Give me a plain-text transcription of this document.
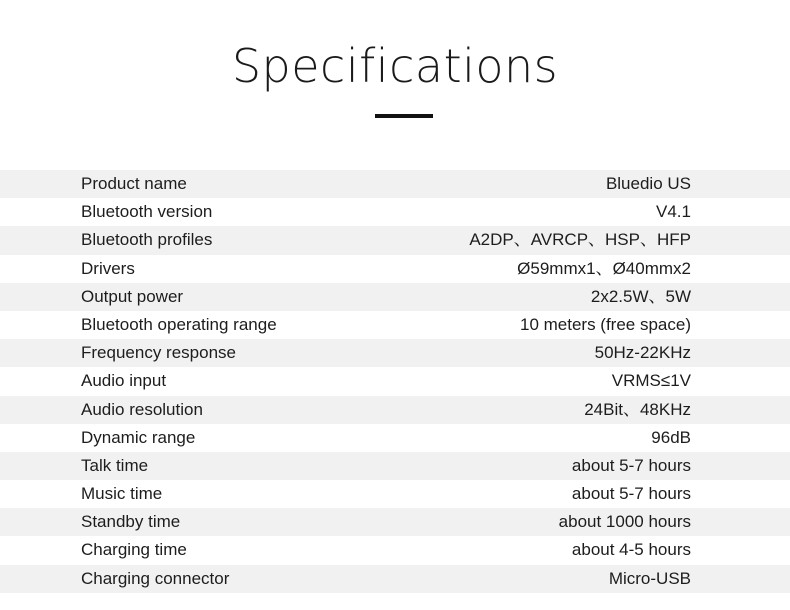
Specifications
Product name	Bluedio US
Bluetooth version	V4.1
Bluetooth profiles	A2DP、AVRCP、HSP、HFP
Drivers	Ø59mmx1、Ø40mmx2
Output power	2x2.5W、5W
Bluetooth operating range	10 meters (free space)
Frequency response	50Hz-22KHz
Audio input	VRMS≤1V
Audio resolution	24Bit、48KHz
Dynamic range	96dB
Talk time	about 5-7 hours
Music time	about 5-7 hours
Standby time	about 1000 hours
Charging time	about 4-5 hours
Charging connector	Micro-USB
